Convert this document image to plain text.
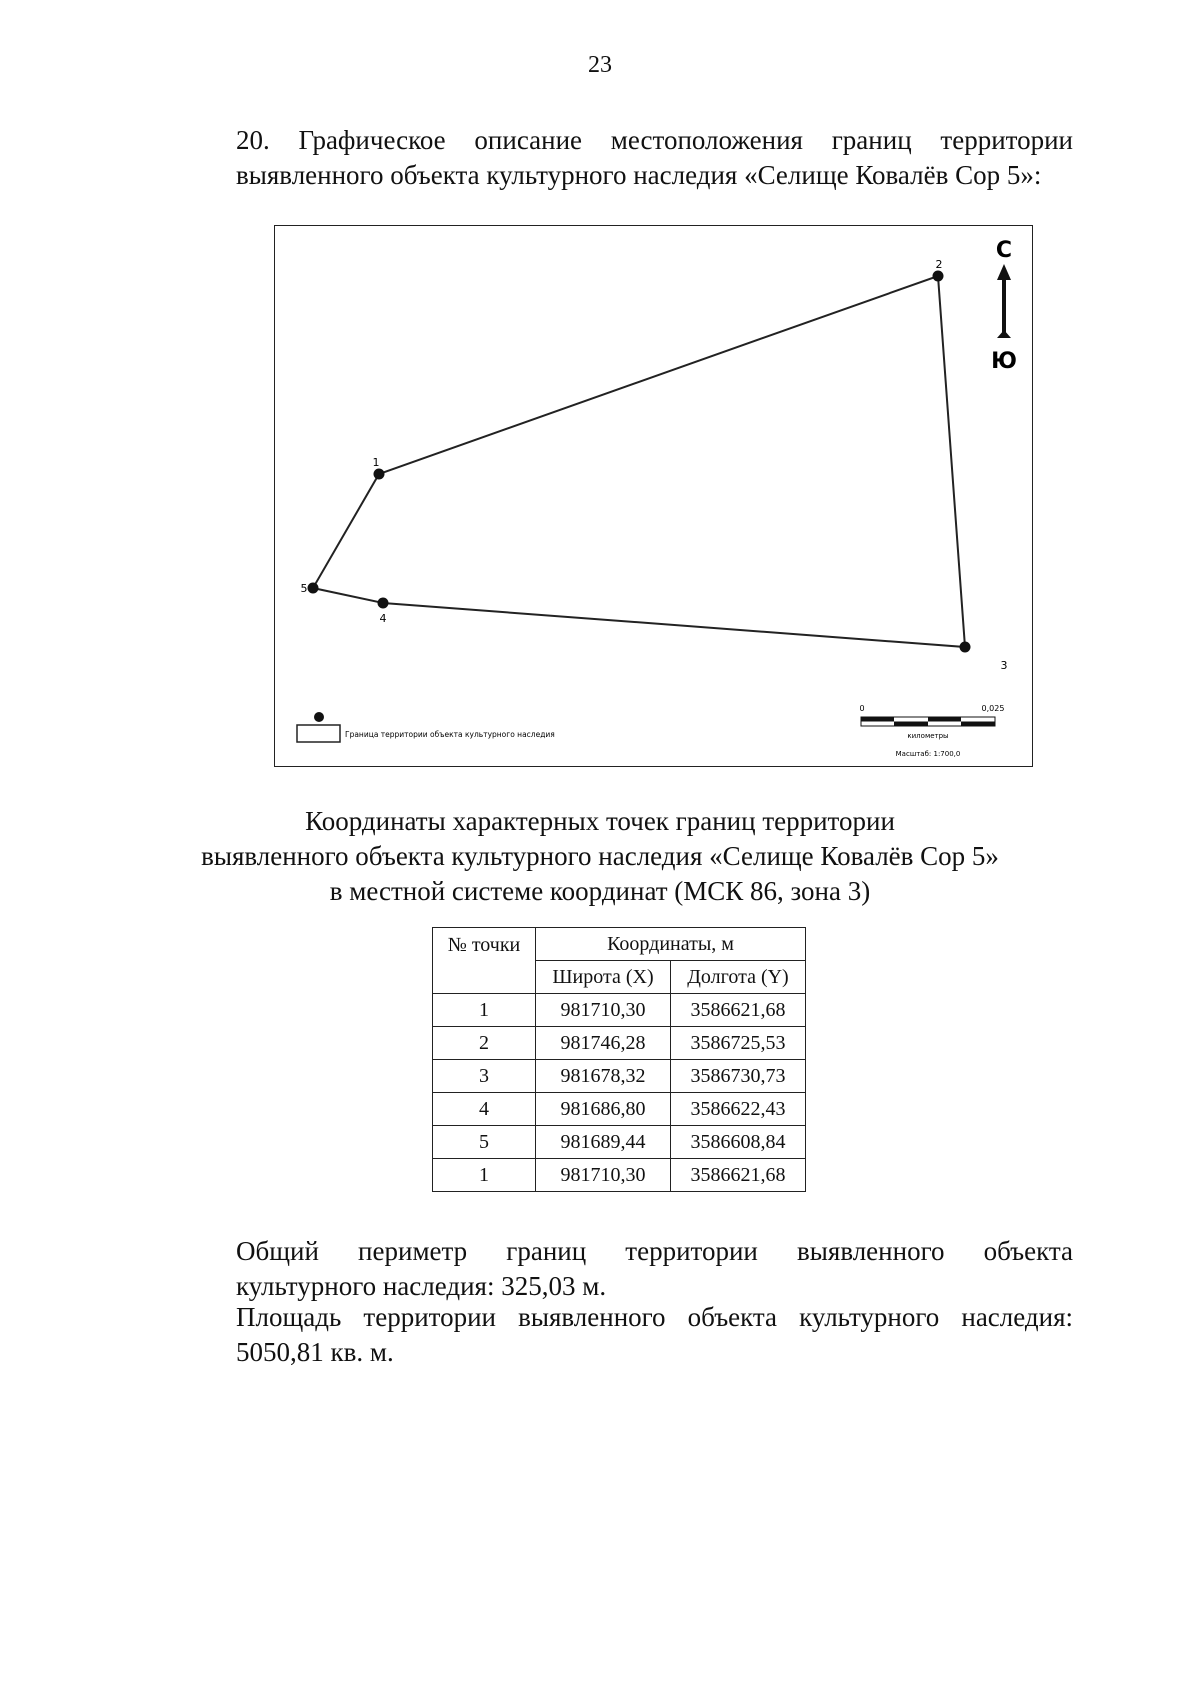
23
20. Графическое описание местоположения границ территории
выявленного объекта культурного наследия «Селище Ковалёв Сор 5»:
1
2
3
4
5
С
Ю
Граница территории объекта культурного наследия
0	0,025
километры
Масштаб: 1:700,0
Координаты характерных точек границ территории
выявленного объекта культурного наследия «Селище Ковалёв Сор 5»
в местной системе координат (МСК 86, зона 3)
№ точки	Координаты, м	
	Широта (X)	Долгота (Y)
1	981710,30	3586621,68
2	981746,28	3586725,53
3	981678,32	3586730,73
4	981686,80	3586622,43
5	981689,44	3586608,84
1	981710,30	3586621,68
Общий периметр границ территории выявленного объекта
культурного наследия: 325,03 м.
Площадь территории выявленного объекта культурного наследия:
5050,81 кв. м.
